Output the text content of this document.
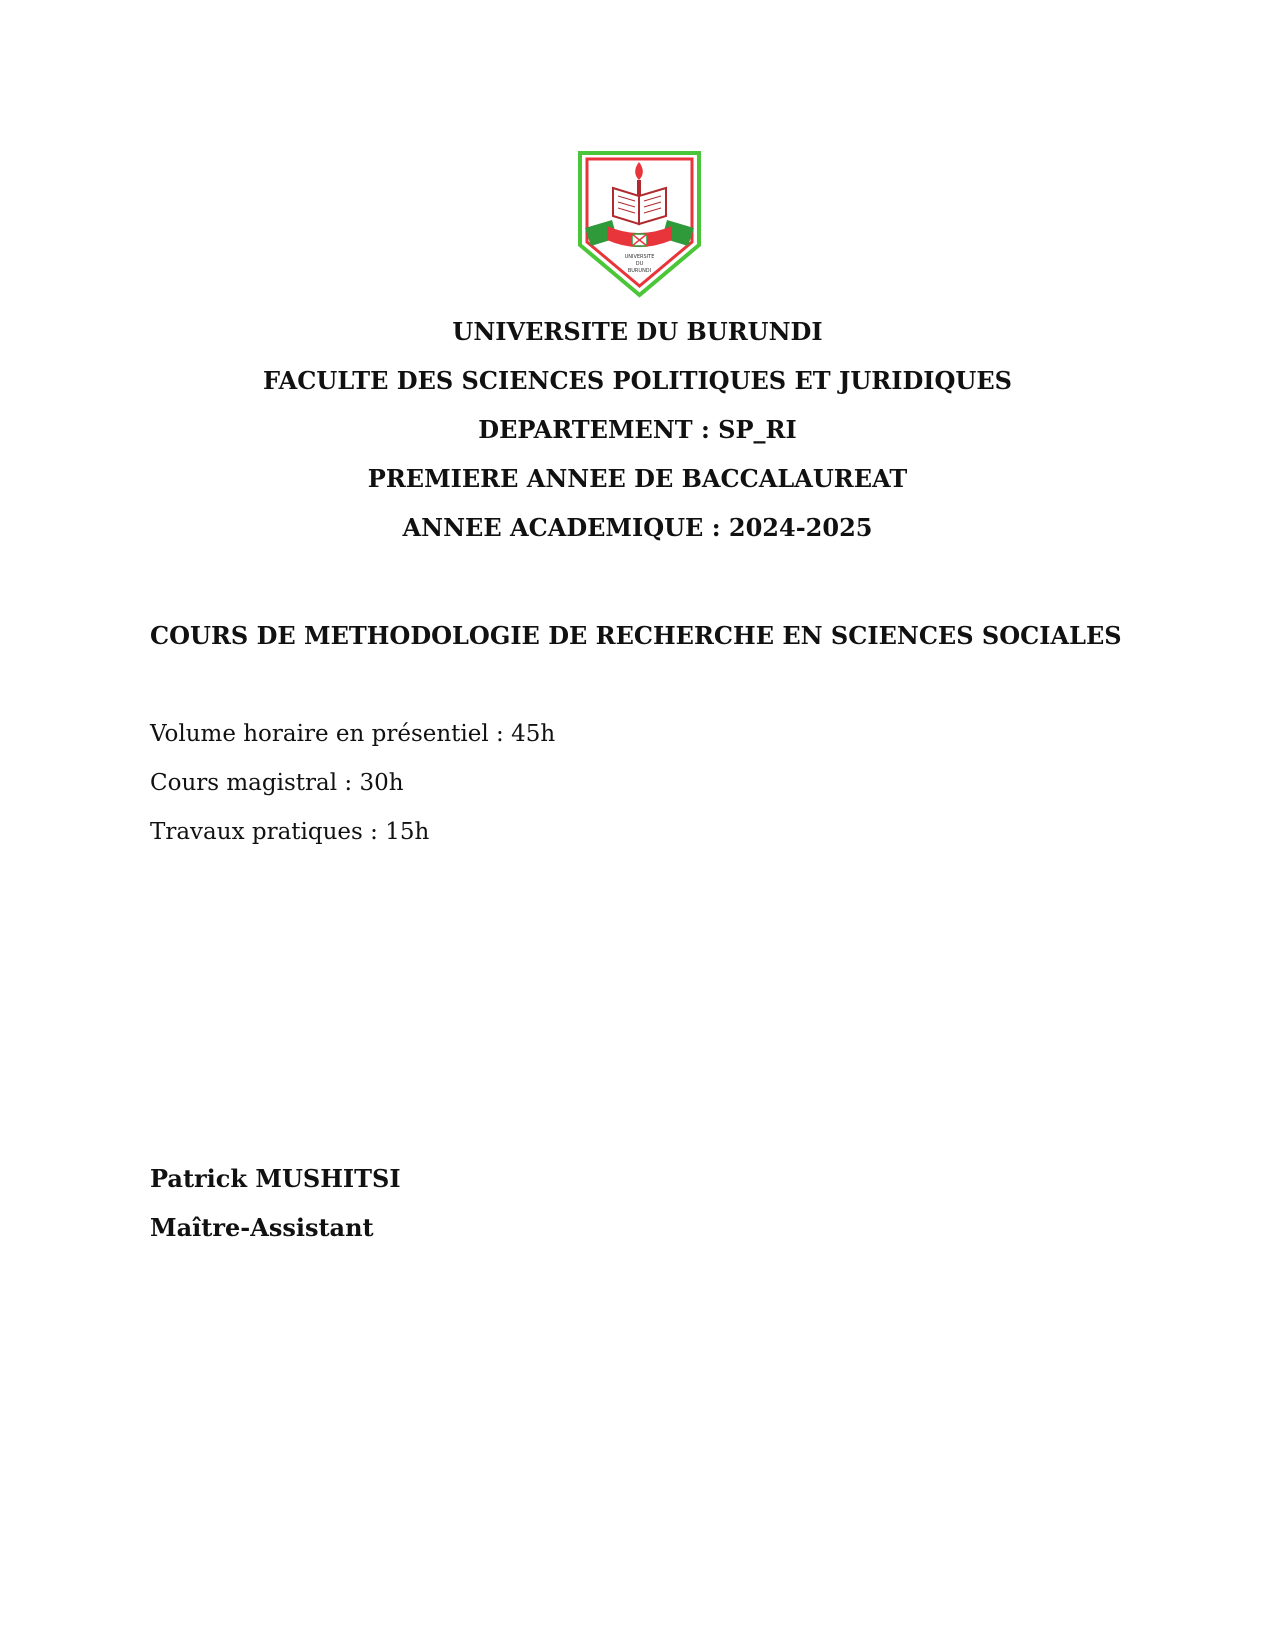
UNIVERSITE
DU
BURUNDI
UNIVERSITE DU BURUNDI
FACULTE DES SCIENCES POLITIQUES ET JURIDIQUES
DEPARTEMENT : SP_RI
PREMIERE ANNEE DE BACCALAUREAT
ANNEE ACADEMIQUE : 2024-2025
COURS DE METHODOLOGIE DE RECHERCHE EN SCIENCES SOCIALES
Volume horaire en présentiel : 45h
Cours magistral : 30h
Travaux pratiques : 15h
Patrick MUSHITSI
Maître-Assistant
